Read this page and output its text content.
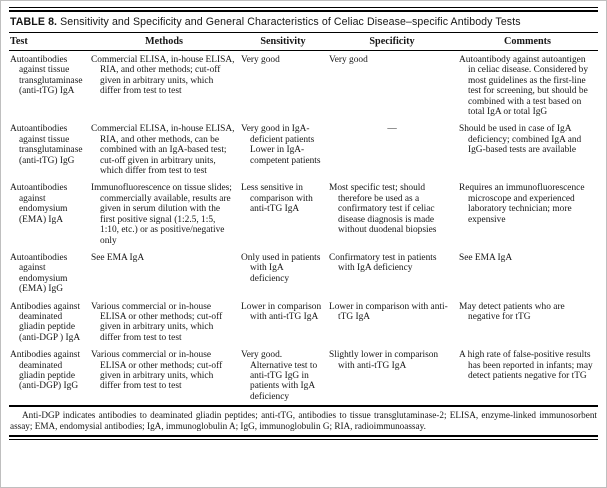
TABLE 8. Sensitivity and Specificity and General Characteristics of Celiac Disease–specific Antibody Tests
Test	Methods	Sensitivity	Specificity	Comments
Autoantibodies against tissue transglutaminase (anti-tTG) IgA	Commercial ELISA, in-house ELISA, RIA, and other methods; cut-off given in arbitrary units, which differ from test to test	Very good	Very good	Autoantibody against autoantigen in celiac disease. Considered by most guidelines as the first-line test for screening, but should be combined with a test based on total IgA or total IgG
Autoantibodies against tissue transglutaminase (anti-tTG) IgG	Commercial ELISA, in-house ELISA, RIA, and other methods, can be combined with an IgA-based test; cut-off given in arbitrary units, which differ from test to test	Very good in IgA-deficient patients Lower in IgA-competent patients	—	Should be used in case of IgA deficiency; combined IgA and IgG-based tests are available
Autoantibodies against endomysium (EMA) IgA	Immunofluorescence on tissue slides; commercially available, results are given in serum dilution with the first positive signal (1:2.5, 1:5, 1:10, etc.) or as positive/negative only	Less sensitive in comparison with anti-tTG IgA	Most specific test; should therefore be used as a confirmatory test if celiac disease diagnosis is made without duodenal biopsies	Requires an immunofluorescence microscope and experienced laboratory technician; more expensive
Autoantibodies against endomysium (EMA) IgG	See EMA IgA	Only used in patients with IgA deficiency	Confirmatory test in patients with IgA deficiency	See EMA IgA
Antibodies against deaminated gliadin peptide (anti-DGP ) IgA	Various commercial or in-house ELISA or other methods; cut-off given in arbitrary units, which differ from test to test	Lower in comparison with anti-tTG IgA	Lower in comparison with anti-tTG IgA	May detect patients who are negative for tTG
Antibodies against deaminated gliadin peptide (anti-DGP) IgG	Various commercial or in-house ELISA or other methods; cut-off given in arbitrary units, which differ from test to test	Very good. Alternative test to anti-tTG IgG in patients with IgA deficiency	Slightly lower in comparison with anti-tTG IgA	A high rate of false-positive results has been reported in infants; may detect patients negative for tTG
Anti-DGP indicates antibodies to deaminated gliadin peptides; anti-tTG, antibodies to tissue transglutaminase-2; ELISA, enzyme-linked immunosorbent assay; EMA, endomysial antibodies; IgA, immunoglobulin A; IgG, immunoglobulin G; RIA, radioimmunoassay.
